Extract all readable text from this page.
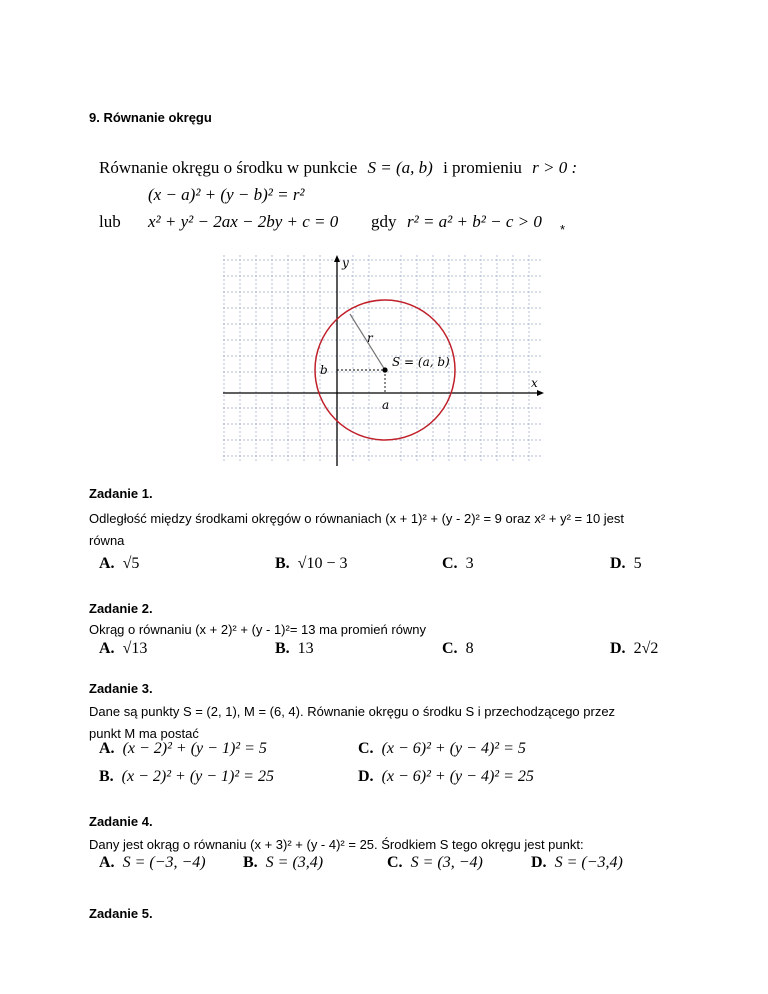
9. Równanie okręgu
Równanie okręgu o środku w punkcie S = (a, b) i promieniu r > 0 :
(x − a)² + (y − b)² = r²
lub x² + y² − 2ax − 2by + c = 0 gdy r² = a² + b² − c > 0 *
y
x
r
S = (a, b)
b
a
Zadanie 1.
Odległość między środkami okręgów o równaniach (x + 1)² + (y - 2)² = 9 oraz x² + y² = 10 jest
równa
A. √5	B. √10 − 3	C. 3	D. 5
Zadanie 2.
Okrąg o równaniu (x + 2)² + (y - 1)²= 13 ma promień równy
A. √13	B. 13	C. 8	D. 2√2
Zadanie 3.
Dane są punkty S = (2, 1), M = (6, 4). Równanie okręgu o środku S i przechodzącego przez
punkt M ma postać
A. (x − 2)² + (y − 1)² = 5
B. (x − 2)² + (y − 1)² = 25
C. (x − 6)² + (y − 4)² = 5
D. (x − 6)² + (y − 4)² = 25
Zadanie 4.
Dany jest okrąg o równaniu (x + 3)² + (y - 4)² = 25. Środkiem S tego okręgu jest punkt:
A. S = (−3, −4) B. S = (3,4)	C. S = (3, −4)	D. S = (−3,4)
Zadanie 5.
